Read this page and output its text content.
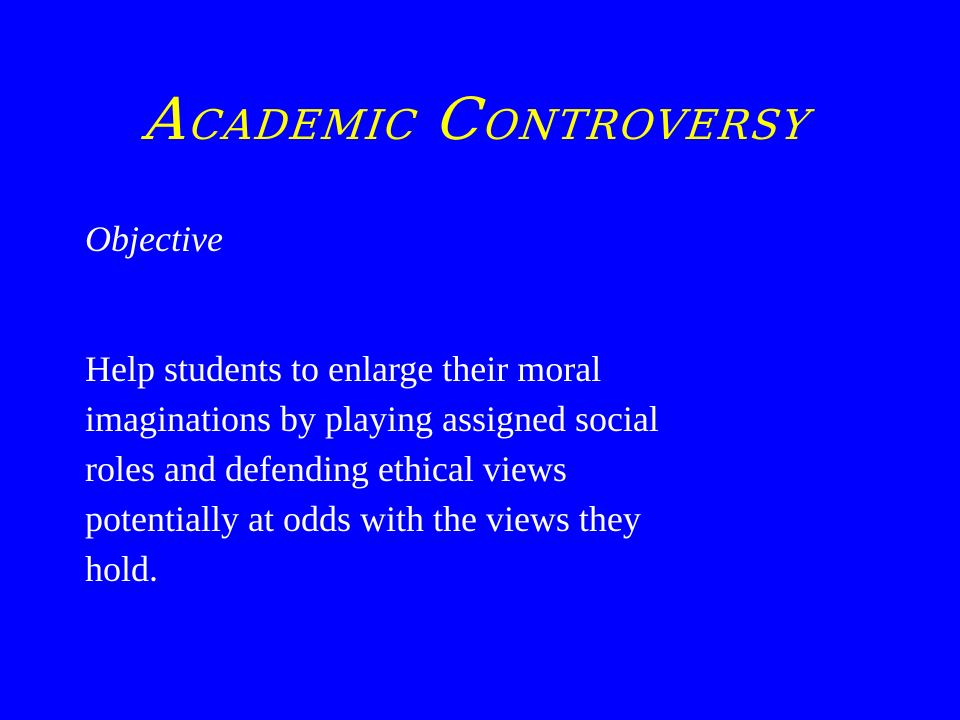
Academic Controversy
Objective

Help students to enlarge their moral
imaginations by playing assigned social
roles and defending ethical views
potentially at odds with the views they
hold.
